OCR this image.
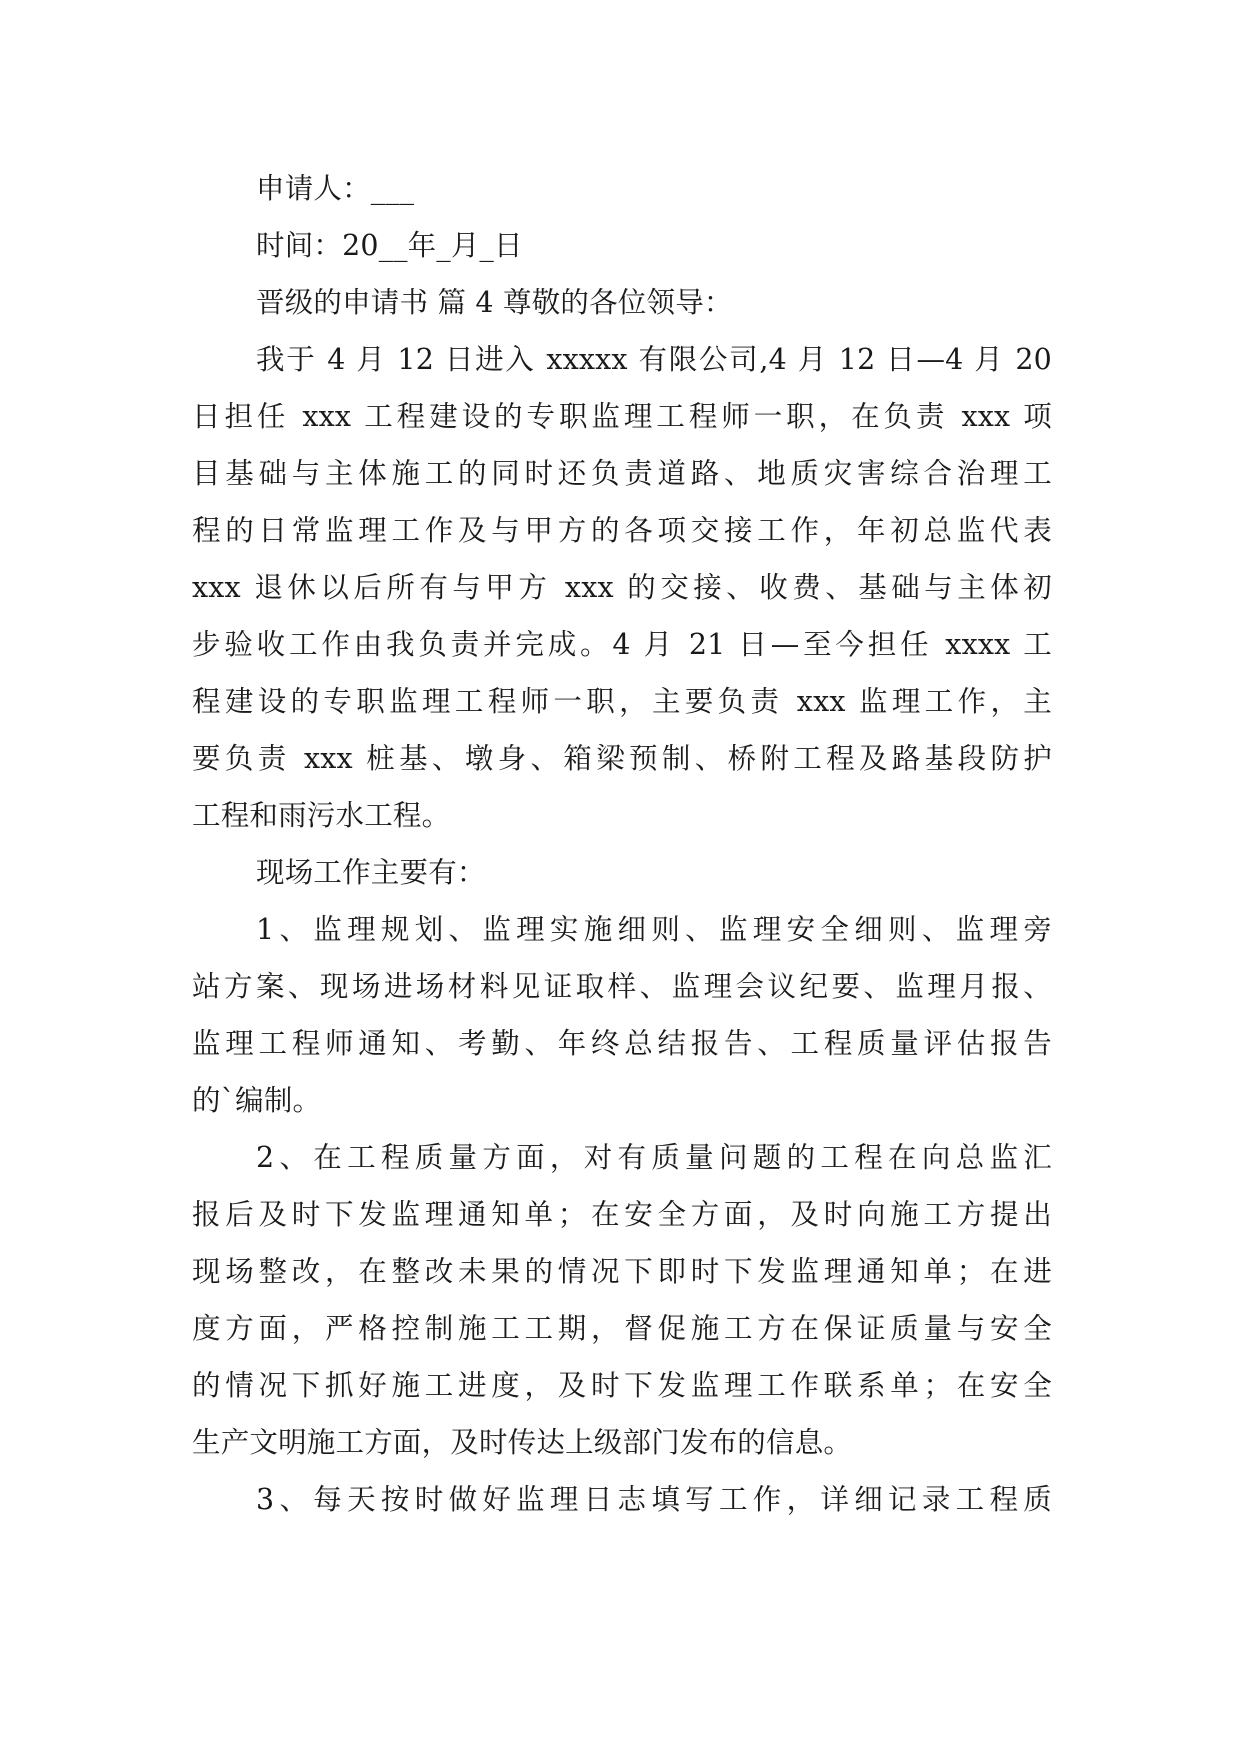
申请人：___
时间：20__年_月_日
晋级的申请书 篇 4 尊敬的各位领导：
我于 4 月 12 日进入 xxxxx 有限公司,4 月 12 日—4 月 20
日担任 xxx 工程建设的专职监理工程师一职，在负责 xxx 项
目基础与主体施工的同时还负责道路、地质灾害综合治理工
程的日常监理工作及与甲方的各项交接工作，年初总监代表
xxx 退休以后所有与甲方 xxx 的交接、收费、基础与主体初
步验收工作由我负责并完成。4 月 21 日—至今担任 xxxx 工
程建设的专职监理工程师一职，主要负责 xxx 监理工作，主
要负责 xxx 桩基、墩身、箱梁预制、桥附工程及路基段防护
工程和雨污水工程。
现场工作主要有：
1、监理规划、监理实施细则、监理安全细则、监理旁
站方案、现场进场材料见证取样、监理会议纪要、监理月报、
监理工程师通知、考勤、年终总结报告、工程质量评估报告
的`编制。
2、在工程质量方面，对有质量问题的工程在向总监汇
报后及时下发监理通知单；在安全方面，及时向施工方提出
现场整改，在整改未果的情况下即时下发监理通知单；在进
度方面，严格控制施工工期，督促施工方在保证质量与安全
的情况下抓好施工进度，及时下发监理工作联系单；在安全
生产文明施工方面，及时传达上级部门发布的信息。
3、每天按时做好监理日志填写工作，详细记录工程质
